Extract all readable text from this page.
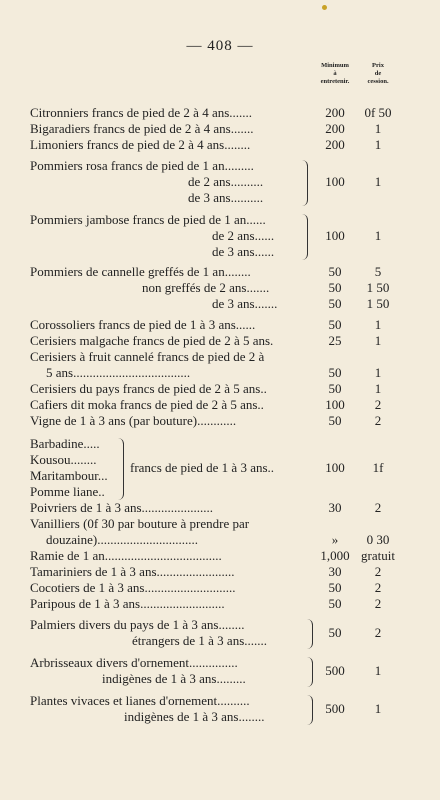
— 408 —
Minimum
à
entretenir.
Prix
de
cession.
Citronniers francs de pied de 2 à 4 ans.......	200	0f 50
Bigaradiers francs de pied de 2 à 4 ans.......	200	1
Limoniers francs de pied de 2 à 4 ans........	200	1
Pommiers rosa francs de pied de 1 an.........
de 2 ans..........	100	1
de 3 ans..........
Pommiers jambose francs de pied de 1 an......
de 2 ans......	100	1
de 3 ans......
Pommiers de cannelle greffés de 1 an........	50	5
non greffés de 2 ans.......	50	1 50
de 3 ans.......	50	1 50
Corossoliers francs de pied de 1 à 3 ans......	50	1
Cerisiers malgache francs de pied de 2 à 5 ans.	25	1
Cerisiers à fruit cannelé francs de pied de 2 à
5 ans....................................	50	1
Cerisiers du pays francs de pied de 2 à 5 ans..	50	1
Cafiers dit moka francs de pied de 2 à 5 ans..	100	2
Vigne de 1 à 3 ans (par bouture)............	50	2
Barbadine.....
Kousou........
Maritambour...
Pomme liane..
francs de pied de 1 à 3 ans..	100	1f
Poivriers de 1 à 3 ans......................	30	2
Vanilliers (0f 30 par bouture à prendre par
douzaine)...............................	»	0 30
Ramie de 1 an....................................	1,000 gratuit
Tamariniers de 1 à 3 ans........................	30	2
Cocotiers de 1 à 3 ans............................	50	2
Paripous de 1 à 3 ans..........................	50	2
Palmiers divers du pays de 1 à 3 ans........
50	2
étrangers de 1 à 3 ans.......
Arbrisseaux divers d'ornement...............
500	1
indigènes de 1 à 3 ans.........
Plantes vivaces et lianes d'ornement..........
500	1
indigènes de 1 à 3 ans........
